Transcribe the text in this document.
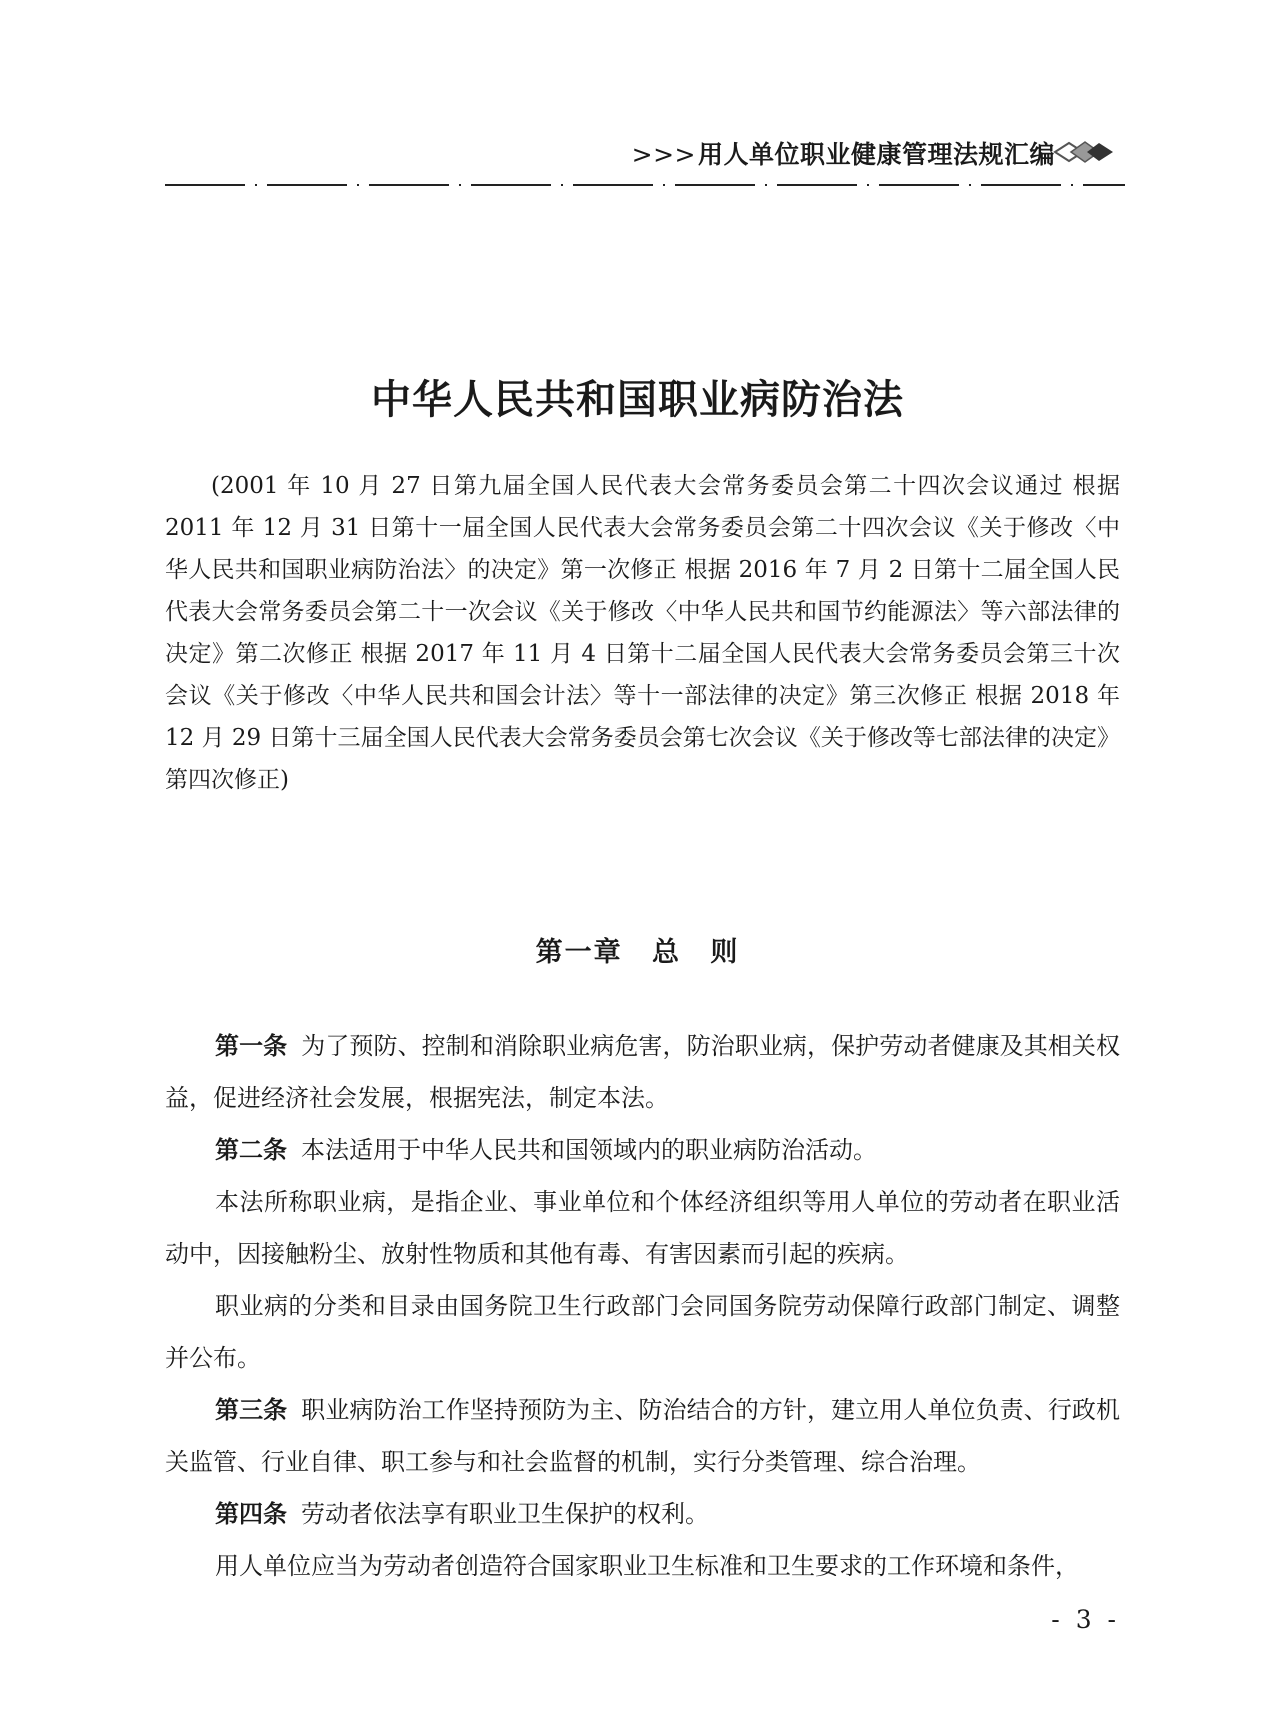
>>>用人单位职业健康管理法规汇编
中华人民共和国职业病防治法
(2001 年 10 月 27 日第九届全国人民代表大会常务委员会第二十四次会议通过 根据 2011 年 12 月 31 日第十一届全国人民代表大会常务委员会第二十四次会议《关于修改〈中华人民共和国职业病防治法〉的决定》第一次修正 根据 2016 年 7 月 2 日第十二届全国人民代表大会常务委员会第二十一次会议《关于修改〈中华人民共和国节约能源法〉等六部法律的决定》第二次修正 根据 2017 年 11 月 4 日第十二届全国人民代表大会常务委员会第三十次会议《关于修改〈中华人民共和国会计法〉等十一部法律的决定》第三次修正 根据 2018 年 12 月 29 日第十三届全国人民代表大会常务委员会第七次会议《关于修改等七部法律的决定》第四次修正)
第一章 总 则

第一条 为了预防、控制和消除职业病危害，防治职业病，保护劳动者健康及其相关权益，促进经济社会发展，根据宪法，制定本法。

第二条 本法适用于中华人民共和国领域内的职业病防治活动。

本法所称职业病，是指企业、事业单位和个体经济组织等用人单位的劳动者在职业活动中，因接触粉尘、放射性物质和其他有毒、有害因素而引起的疾病。

职业病的分类和目录由国务院卫生行政部门会同国务院劳动保障行政部门制定、调整并公布。

第三条 职业病防治工作坚持预防为主、防治结合的方针，建立用人单位负责、行政机关监管、行业自律、职工参与和社会监督的机制，实行分类管理、综合治理。

第四条 劳动者依法享有职业卫生保护的权利。

用人单位应当为劳动者创造符合国家职业卫生标准和卫生要求的工作环境和条件，

- 3 -
